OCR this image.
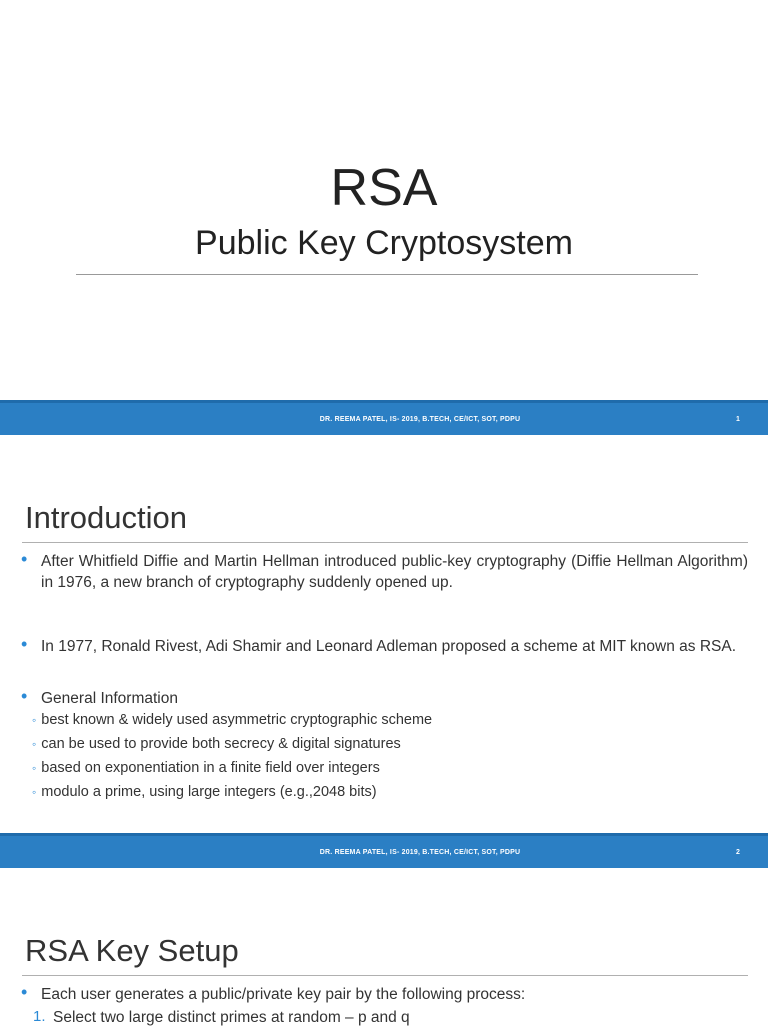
RSA
Public Key Cryptosystem
DR. REEMA PATEL, IS- 2019, B.TECH, CE/ICT, SOT, PDPU	1
Introduction
• After Whitfield Diffie and Martin Hellman introduced public-key cryptography (Diffie Hellman Algorithm) in 1976, a new branch of cryptography suddenly opened up.
• In 1977, Ronald Rivest, Adi Shamir and Leonard Adleman proposed a scheme at MIT known as RSA.
• General Information
◦ best known & widely used asymmetric cryptographic scheme
◦ can be used to provide both secrecy & digital signatures
◦ based on exponentiation in a finite field over integers
◦ modulo a prime, using large integers (e.g.,2048 bits)
DR. REEMA PATEL, IS- 2019, B.TECH, CE/ICT, SOT, PDPU	2
RSA Key Setup
• Each user generates a public/private key pair by the following process:
1. Select two large distinct primes at random – p and q
